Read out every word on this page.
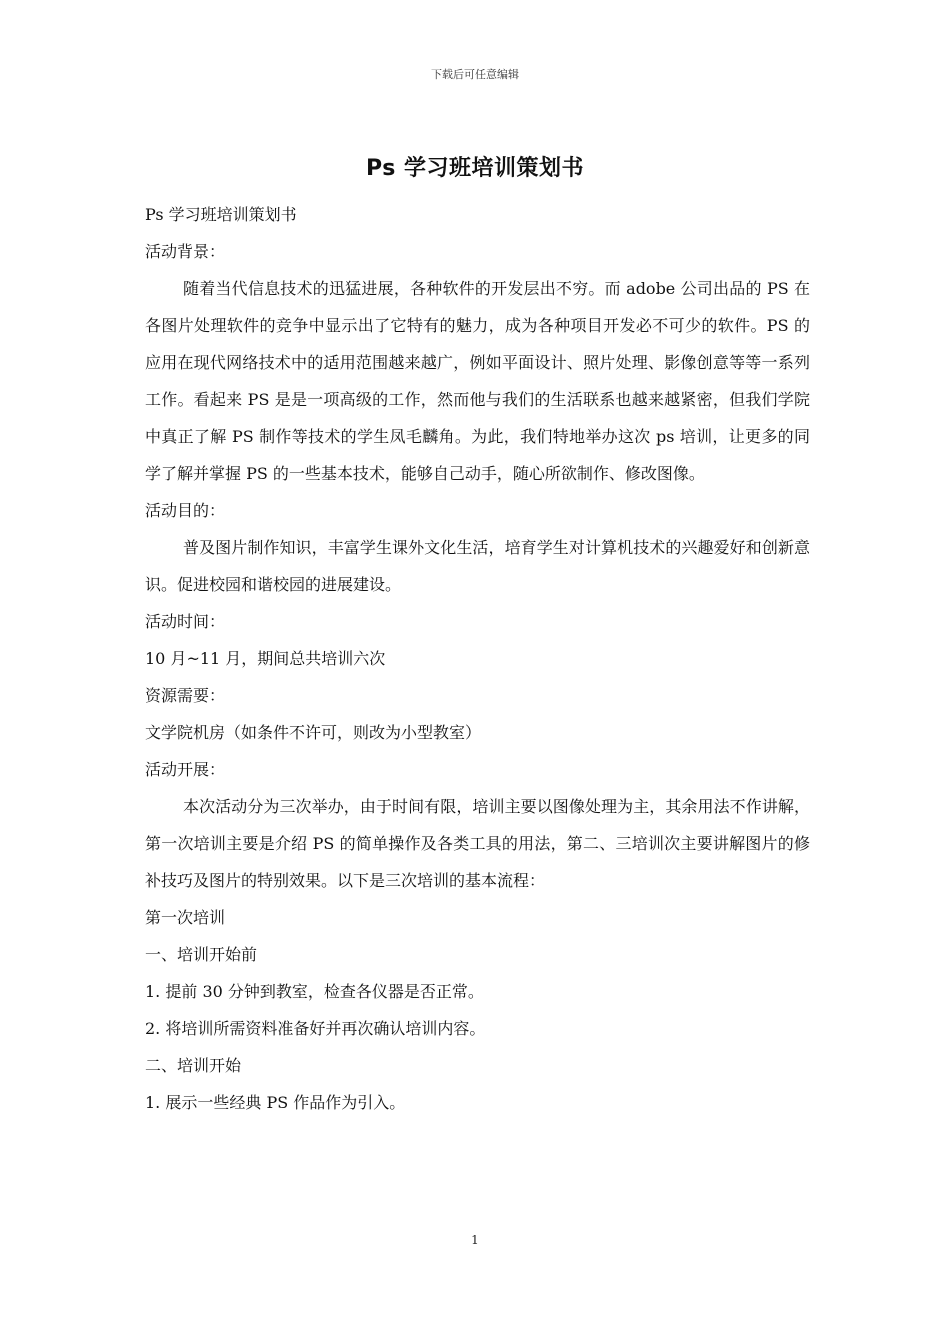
下载后可任意编辑
Ps 学习班培训策划书

Ps 学习班培训策划书

活动背景：

随着当代信息技术的迅猛进展，各种软件的开发层出不穷。而 adobe 公司出品的 PS 在各图片处理软件的竞争中显示出了它特有的魅力，成为各种项目开发必不可少的软件。PS 的应用在现代网络技术中的适用范围越来越广，例如平面设计、照片处理、影像创意等等一系列工作。看起来 PS 是是一项高级的工作，然而他与我们的生活联系也越来越紧密，但我们学院中真正了解 PS 制作等技术的学生凤毛麟角。为此，我们特地举办这次 ps 培训，让更多的同学了解并掌握 PS 的一些基本技术，能够自己动手，随心所欲制作、修改图像。

活动目的：

普及图片制作知识，丰富学生课外文化生活，培育学生对计算机技术的兴趣爱好和创新意识。促进校园和谐校园的进展建设。

活动时间：

10 月~11 月，期间总共培训六次

资源需要：

文学院机房（如条件不许可，则改为小型教室）

活动开展：

本次活动分为三次举办，由于时间有限，培训主要以图像处理为主，其余用法不作讲解，第一次培训主要是介绍 PS 的简单操作及各类工具的用法，第二、三培训次主要讲解图片的修补技巧及图片的特别效果。以下是三次培训的基本流程：

第一次培训

一、培训开始前

1. 提前 30 分钟到教室，检查各仪器是否正常。

2. 将培训所需资料准备好并再次确认培训内容。

二、培训开始

1. 展示一些经典 PS 作品作为引入。

1
